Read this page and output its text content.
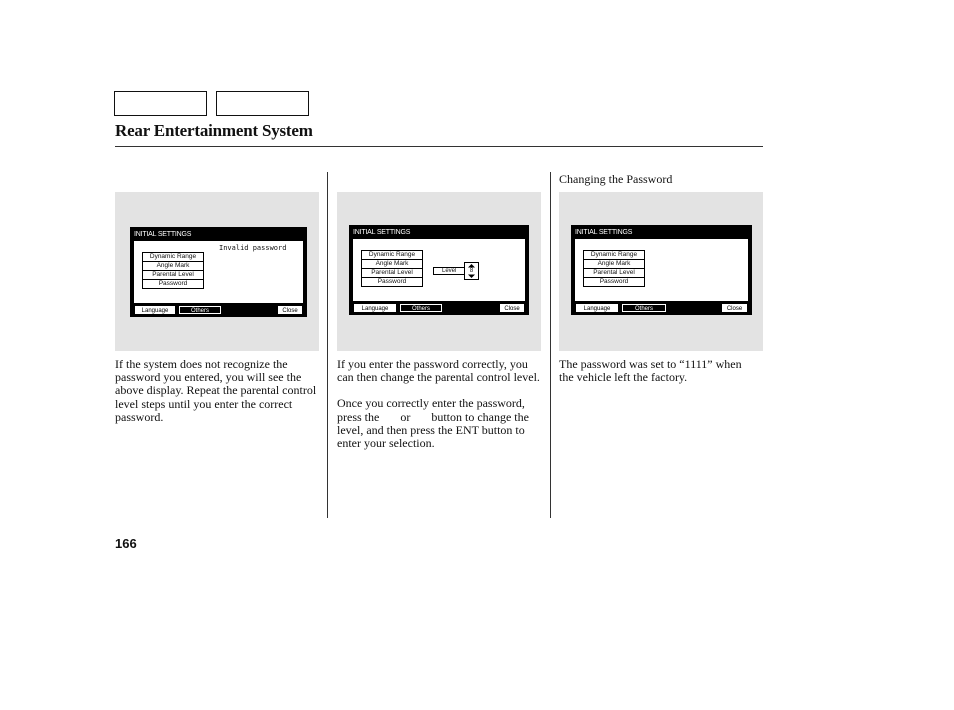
Rear Entertainment System
Changing the Password
INITIAL SETTINGS
Dynamic Range
Angle Mark
Parental Level
Password
Invalid password
Language	Others	Close
INITIAL SETTINGS
Dynamic Range
Angle Mark
Parental Level
Password
Level	8
Language	Others	Close
INITIAL SETTINGS
Dynamic Range
Angle Mark
Parental Level
Password
Language	Others	Close

If the system does not recognize the password you entered, you will see the above display. Repeat the parental control level steps until you enter the correct password.

If you enter the password correctly, you can then change the parental control level.

Once you correctly enter the password, press the       or       button to change the level, and then press the ENT button to enter your selection.

The password was set to “1111” when the vehicle left the factory.

166
